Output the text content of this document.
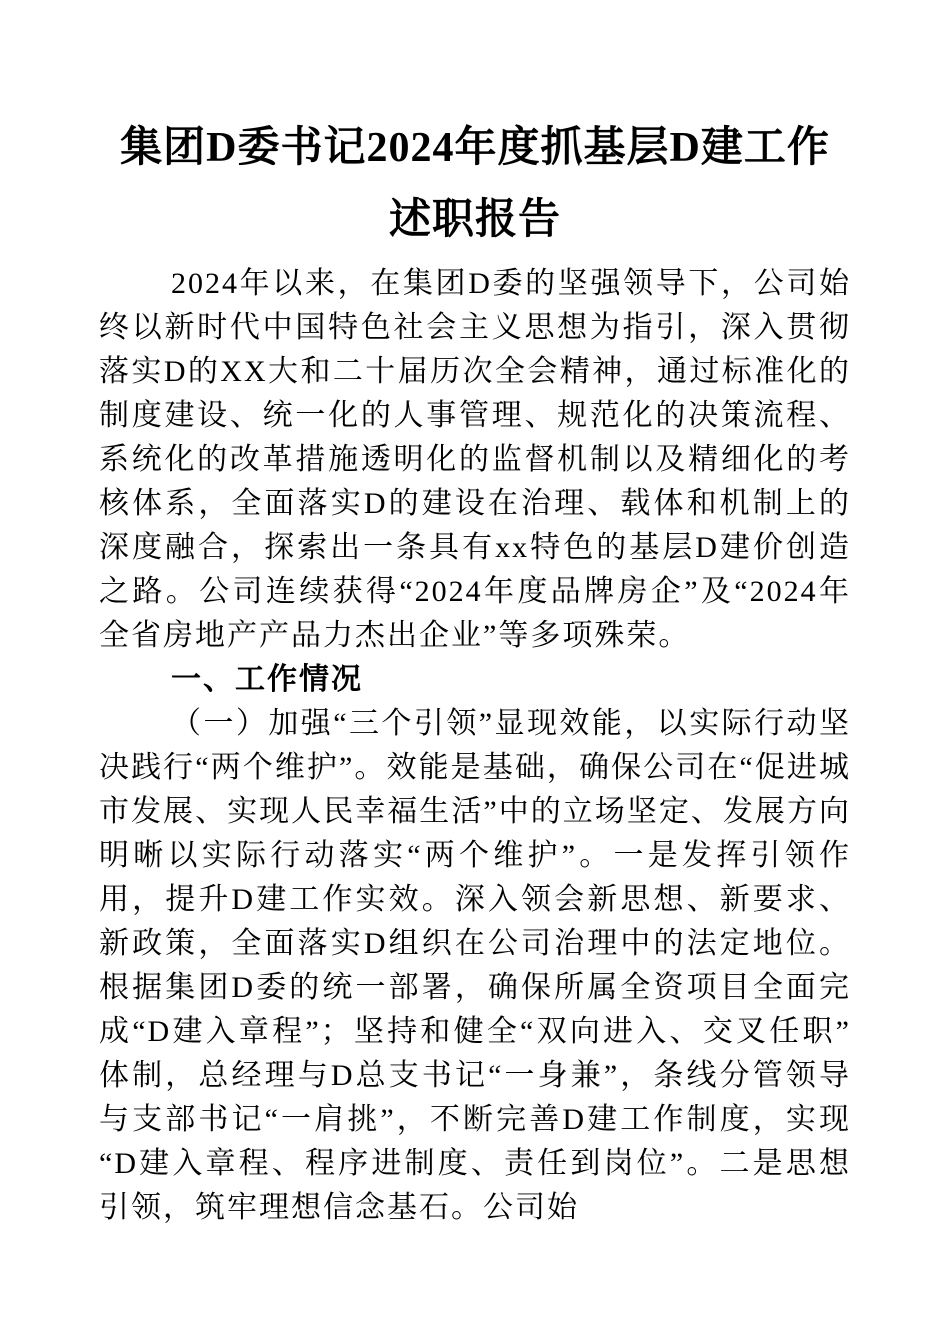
集团D委书记2024年度抓基层D建工作述职报告

2024年以来，在集团D委的坚强领导下，公司始终以新时代中国特色社会主义思想为指引，深入贯彻落实D的XX大和二十届历次全会精神，通过标准化的制度建设、统一化的人事管理、规范化的决策流程、系统化的改革措施透明化的监督机制以及精细化的考核体系，全面落实D的建设在治理、载体和机制上的深度融合，探索出一条具有xx特色的基层D建价创造之路。公司连续获得“2024年度品牌房企”及“2024年全省房地产产品力杰出企业”等多项殊荣。

一、工作情况

（一）加强“三个引领”显现效能，以实际行动坚决践行“两个维护”。效能是基础，确保公司在“促进城市发展、实现人民幸福生活”中的立场坚定、发展方向明晰以实际行动落实“两个维护”。一是发挥引领作用，提升D建工作实效。深入领会新思想、新要求、新政策，全面落实D组织在公司治理中的法定地位。根据集团D委的统一部署，确保所属全资项目全面完成“D建入章程”；坚持和健全“双向进入、交叉任职”体制，总经理与D总支书记“一身兼”，条线分管领导与支部书记“一肩挑”，不断完善D建工作制度，实现“D建入章程、程序进制度、责任到岗位”。二是思想引领，筑牢理想信念基石。公司始
